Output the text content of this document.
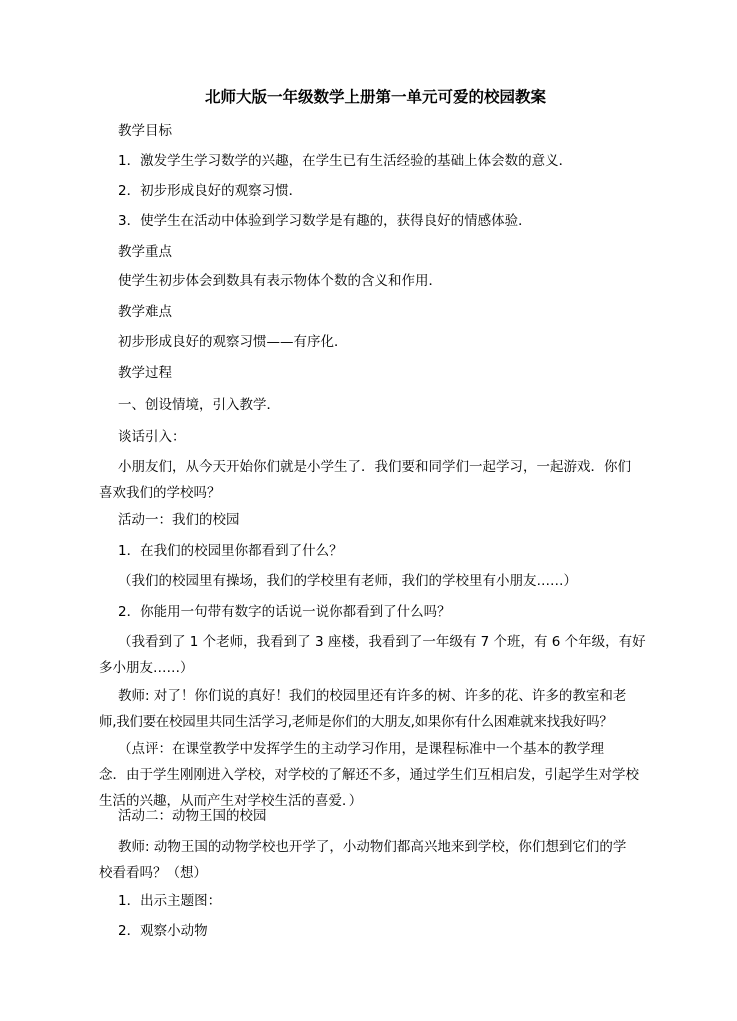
北师大版一年级数学上册第一单元可爱的校园教案

教学目标

1．激发学生学习数学的兴趣，在学生已有生活经验的基础上体会数的意义．

2．初步形成良好的观察习惯．

3．使学生在活动中体验到学习数学是有趣的，获得良好的情感体验．

教学重点

使学生初步体会到数具有表示物体个数的含义和作用．

教学难点

初步形成良好的观察习惯——有序化．

教学过程

一、创设情境，引入教学．

谈话引入：

小朋友们，从今天开始你们就是小学生了．我们要和同学们一起学习，一起游戏．你们
喜欢我们的学校吗？

活动一：我们的校园

1．在我们的校园里你都看到了什么？

（我们的校园里有操场，我们的学校里有老师，我们的学校里有小朋友……）

2．你能用一句带有数字的话说一说你都看到了什么吗？

（我看到了 1 个老师，我看到了 3 座楼，我看到了一年级有 7 个班，有 6 个年级，有好
多小朋友……）
教师: 对了！你们说的真好！我们的校园里还有许多的树、许多的花、许多的教室和老
师,我们要在校园里共同生活学习,老师是你们的大朋友,如果你有什么困难就来找我好吗？
（点评：在课堂教学中发挥学生的主动学习作用，是课程标准中一个基本的教学理
念．由于学生刚刚进入学校，对学校的了解还不多，通过学生们互相启发，引起学生对学校
生活的兴趣，从而产生对学校生活的喜爱．）

活动二：动物王国的校园

教师: 动物王国的动物学校也开学了，小动物们都高兴地来到学校，你们想到它们的学
校看看吗？（想）

1．出示主题图：

2．观察小动物
